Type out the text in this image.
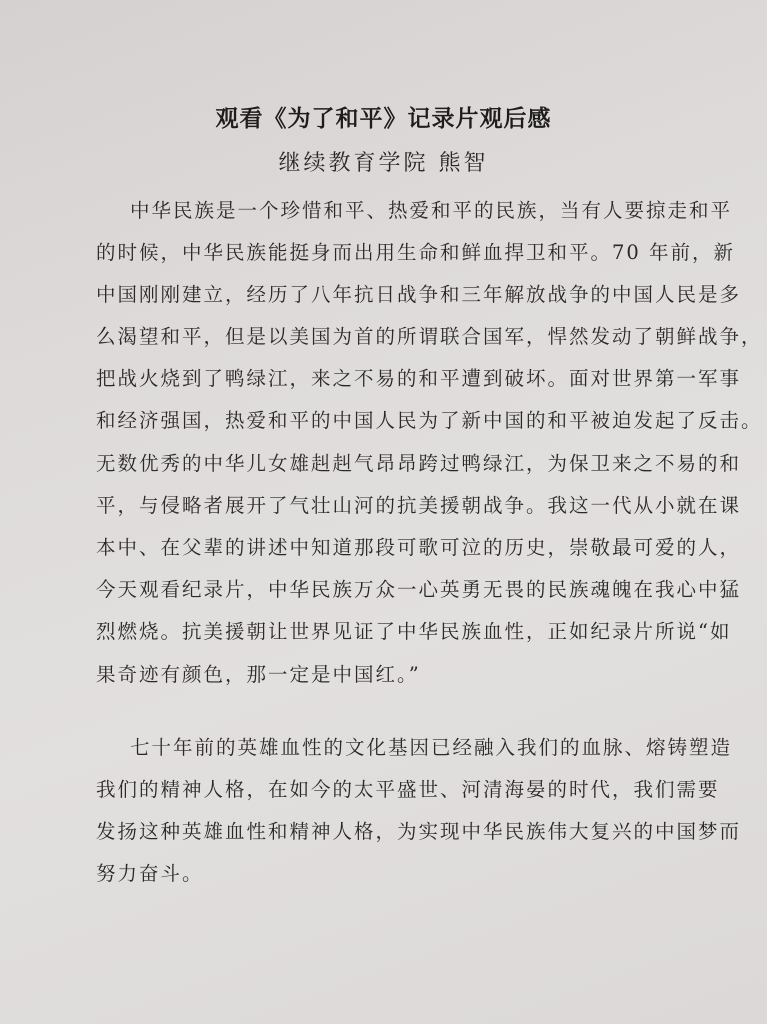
观看《为了和平》记录片观后感
继续教育学院 熊智
中华民族是一个珍惜和平、热爱和平的民族，当有人要掠走和平
的时候，中华民族能挺身而出用生命和鲜血捍卫和平。70 年前，新
中国刚刚建立，经历了八年抗日战争和三年解放战争的中国人民是多
么渴望和平，但是以美国为首的所谓联合国军，悍然发动了朝鲜战争，
把战火烧到了鸭绿江，来之不易的和平遭到破坏。面对世界第一军事
和经济强国，热爱和平的中国人民为了新中国的和平被迫发起了反击。
无数优秀的中华儿女雄赳赳气昂昂跨过鸭绿江，为保卫来之不易的和
平，与侵略者展开了气壮山河的抗美援朝战争。我这一代从小就在课
本中、在父辈的讲述中知道那段可歌可泣的历史，崇敬最可爱的人，
今天观看纪录片，中华民族万众一心英勇无畏的民族魂魄在我心中猛
烈燃烧。抗美援朝让世界见证了中华民族血性，正如纪录片所说“如
果奇迹有颜色，那一定是中国红。”
七十年前的英雄血性的文化基因已经融入我们的血脉、熔铸塑造
我们的精神人格，在如今的太平盛世、河清海晏的时代，我们需要
发扬这种英雄血性和精神人格，为实现中华民族伟大复兴的中国梦而
努力奋斗。
